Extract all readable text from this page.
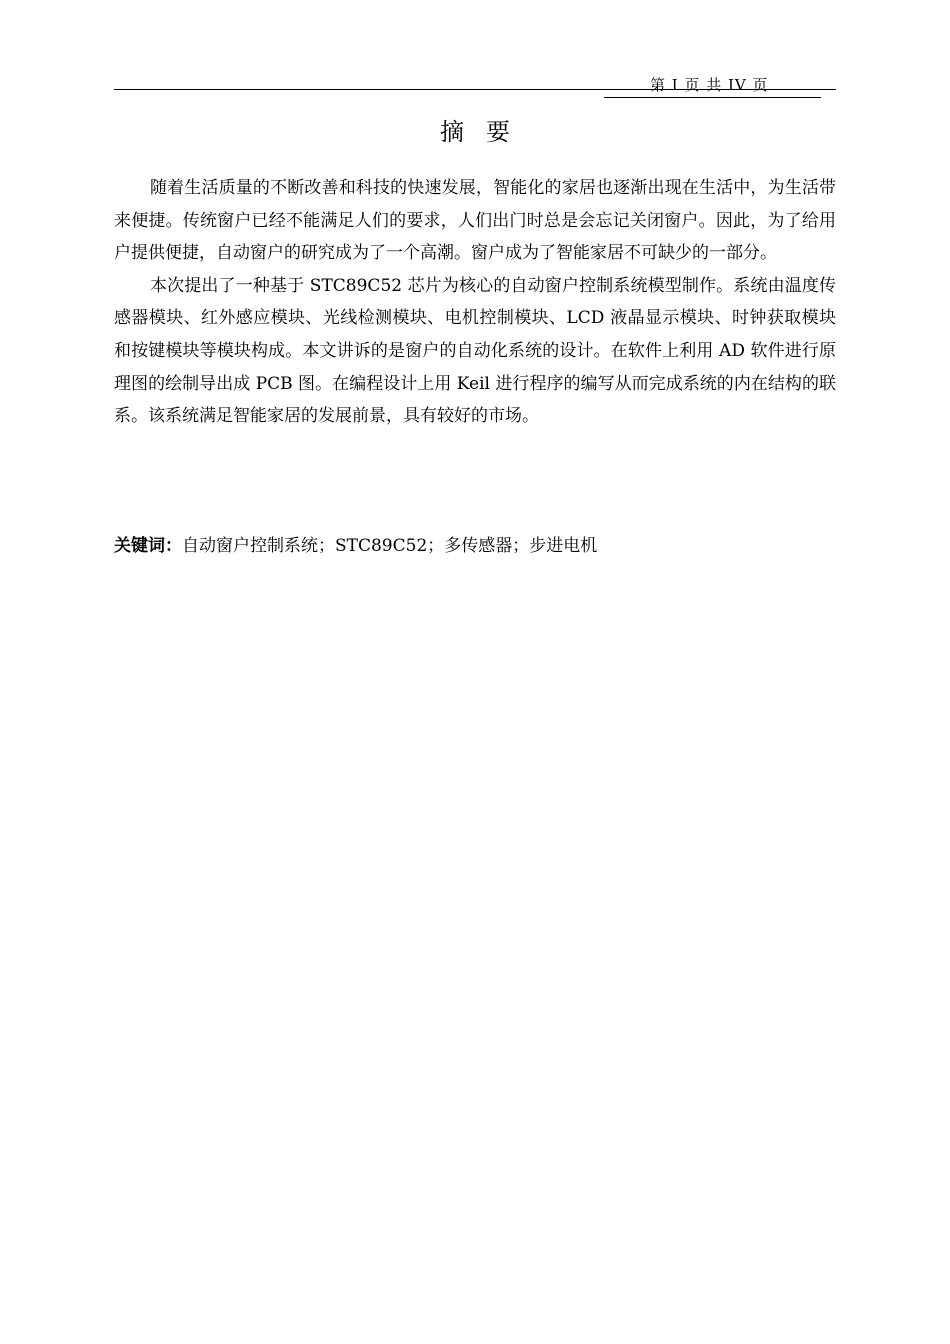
第 I 页 共 IV 页
摘要

随着生活质量的不断改善和科技的快速发展，智能化的家居也逐渐出现在生活中，为生活带来便捷。传统窗户已经不能满足人们的要求，人们出门时总是会忘记关闭窗户。因此，为了给用户提供便捷，自动窗户的研究成为了一个高潮。窗户成为了智能家居不可缺少的一部分。

本次提出了一种基于 STC89C52 芯片为核心的自动窗户控制系统模型制作。系统由温度传感器模块、红外感应模块、光线检测模块、电机控制模块、LCD 液晶显示模块、时钟获取模块和按键模块等模块构成。本文讲诉的是窗户的自动化系统的设计。在软件上利用 AD 软件进行原理图的绘制导出成 PCB 图。在编程设计上用 Keil 进行程序的编写从而完成系统的内在结构的联系。该系统满足智能家居的发展前景，具有较好的市场。

关键词：自动窗户控制系统；STC89C52；多传感器；步进电机
